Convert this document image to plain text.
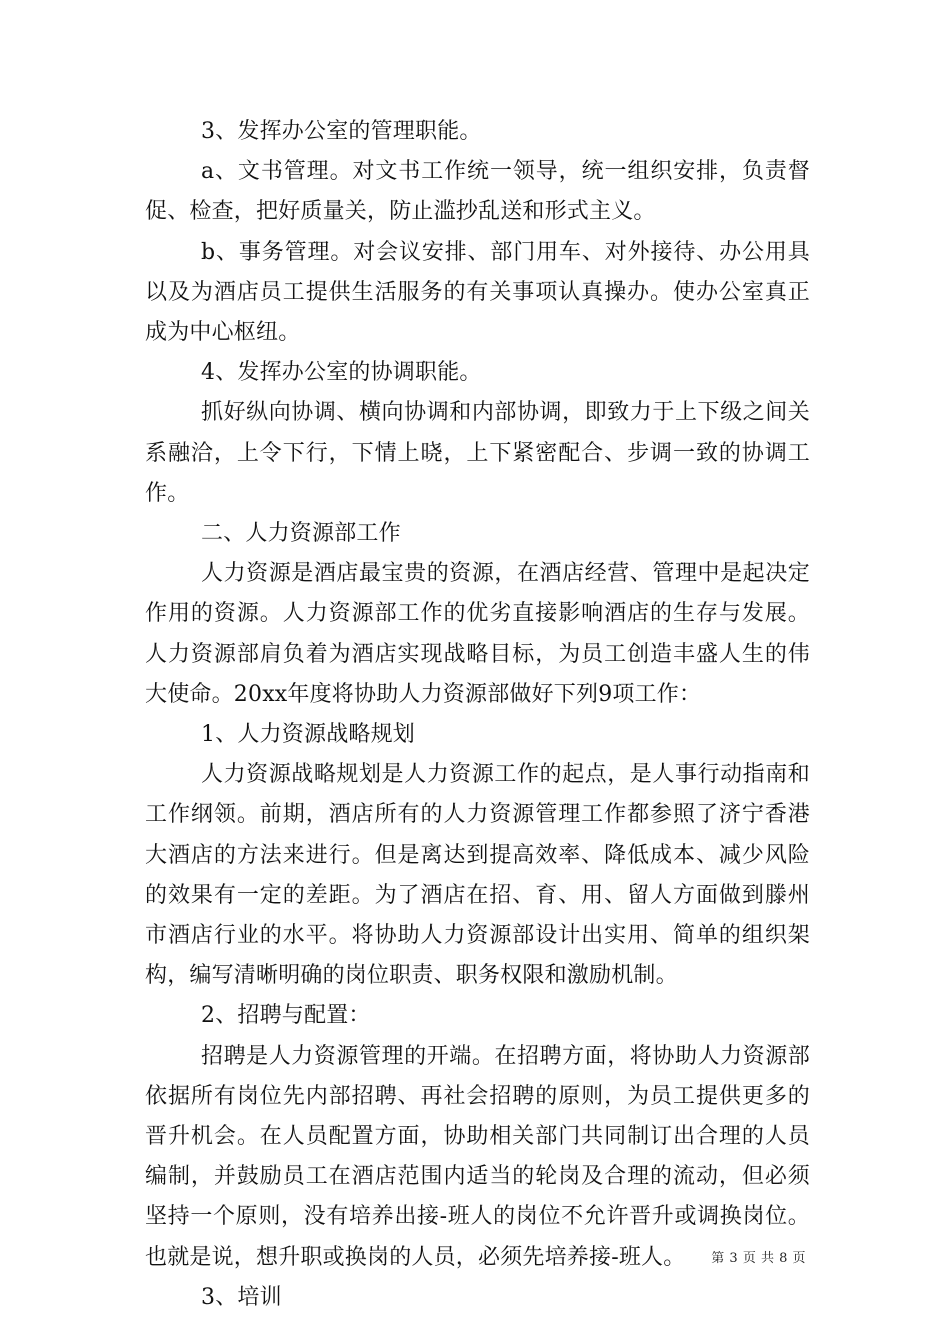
3、发挥办公室的管理职能。

a、文书管理。对文书工作统一领导，统一组织安排，负责督促、检查，把好质量关，防止滥抄乱送和形式主义。

b、事务管理。对会议安排、部门用车、对外接待、办公用具以及为酒店员工提供生活服务的有关事项认真操办。使办公室真正成为中心枢纽。

4、发挥办公室的协调职能。

抓好纵向协调、横向协调和内部协调，即致力于上下级之间关系融洽，上令下行，下情上晓，上下紧密配合、步调一致的协调工作。

二、人力资源部工作

人力资源是酒店最宝贵的资源，在酒店经营、管理中是起决定作用的资源。人力资源部工作的优劣直接影响酒店的生存与发展。人力资源部肩负着为酒店实现战略目标，为员工创造丰盛人生的伟大使命。20xx年度将协助人力资源部做好下列9项工作：

1、人力资源战略规划

人力资源战略规划是人力资源工作的起点，是人事行动指南和工作纲领。前期，酒店所有的人力资源管理工作都参照了济宁香港大酒店的方法来进行。但是离达到提高效率、降低成本、减少风险的效果有一定的差距。为了酒店在招、育、用、留人方面做到滕州市酒店行业的水平。将协助人力资源部设计出实用、简单的组织架构，编写清晰明确的岗位职责、职务权限和激励机制。

2、招聘与配置：

招聘是人力资源管理的开端。在招聘方面，将协助人力资源部依据所有岗位先内部招聘、再社会招聘的原则，为员工提供更多的晋升机会。在人员配置方面，协助相关部门共同制订出合理的人员编制，并鼓励员工在酒店范围内适当的轮岗及合理的流动，但必须坚持一个原则，没有培养出接-班人的岗位不允许晋升或调换岗位。也就是说，想升职或换岗的人员，必须先培养接-班人。

3、培训

第 3 页 共 8 页
